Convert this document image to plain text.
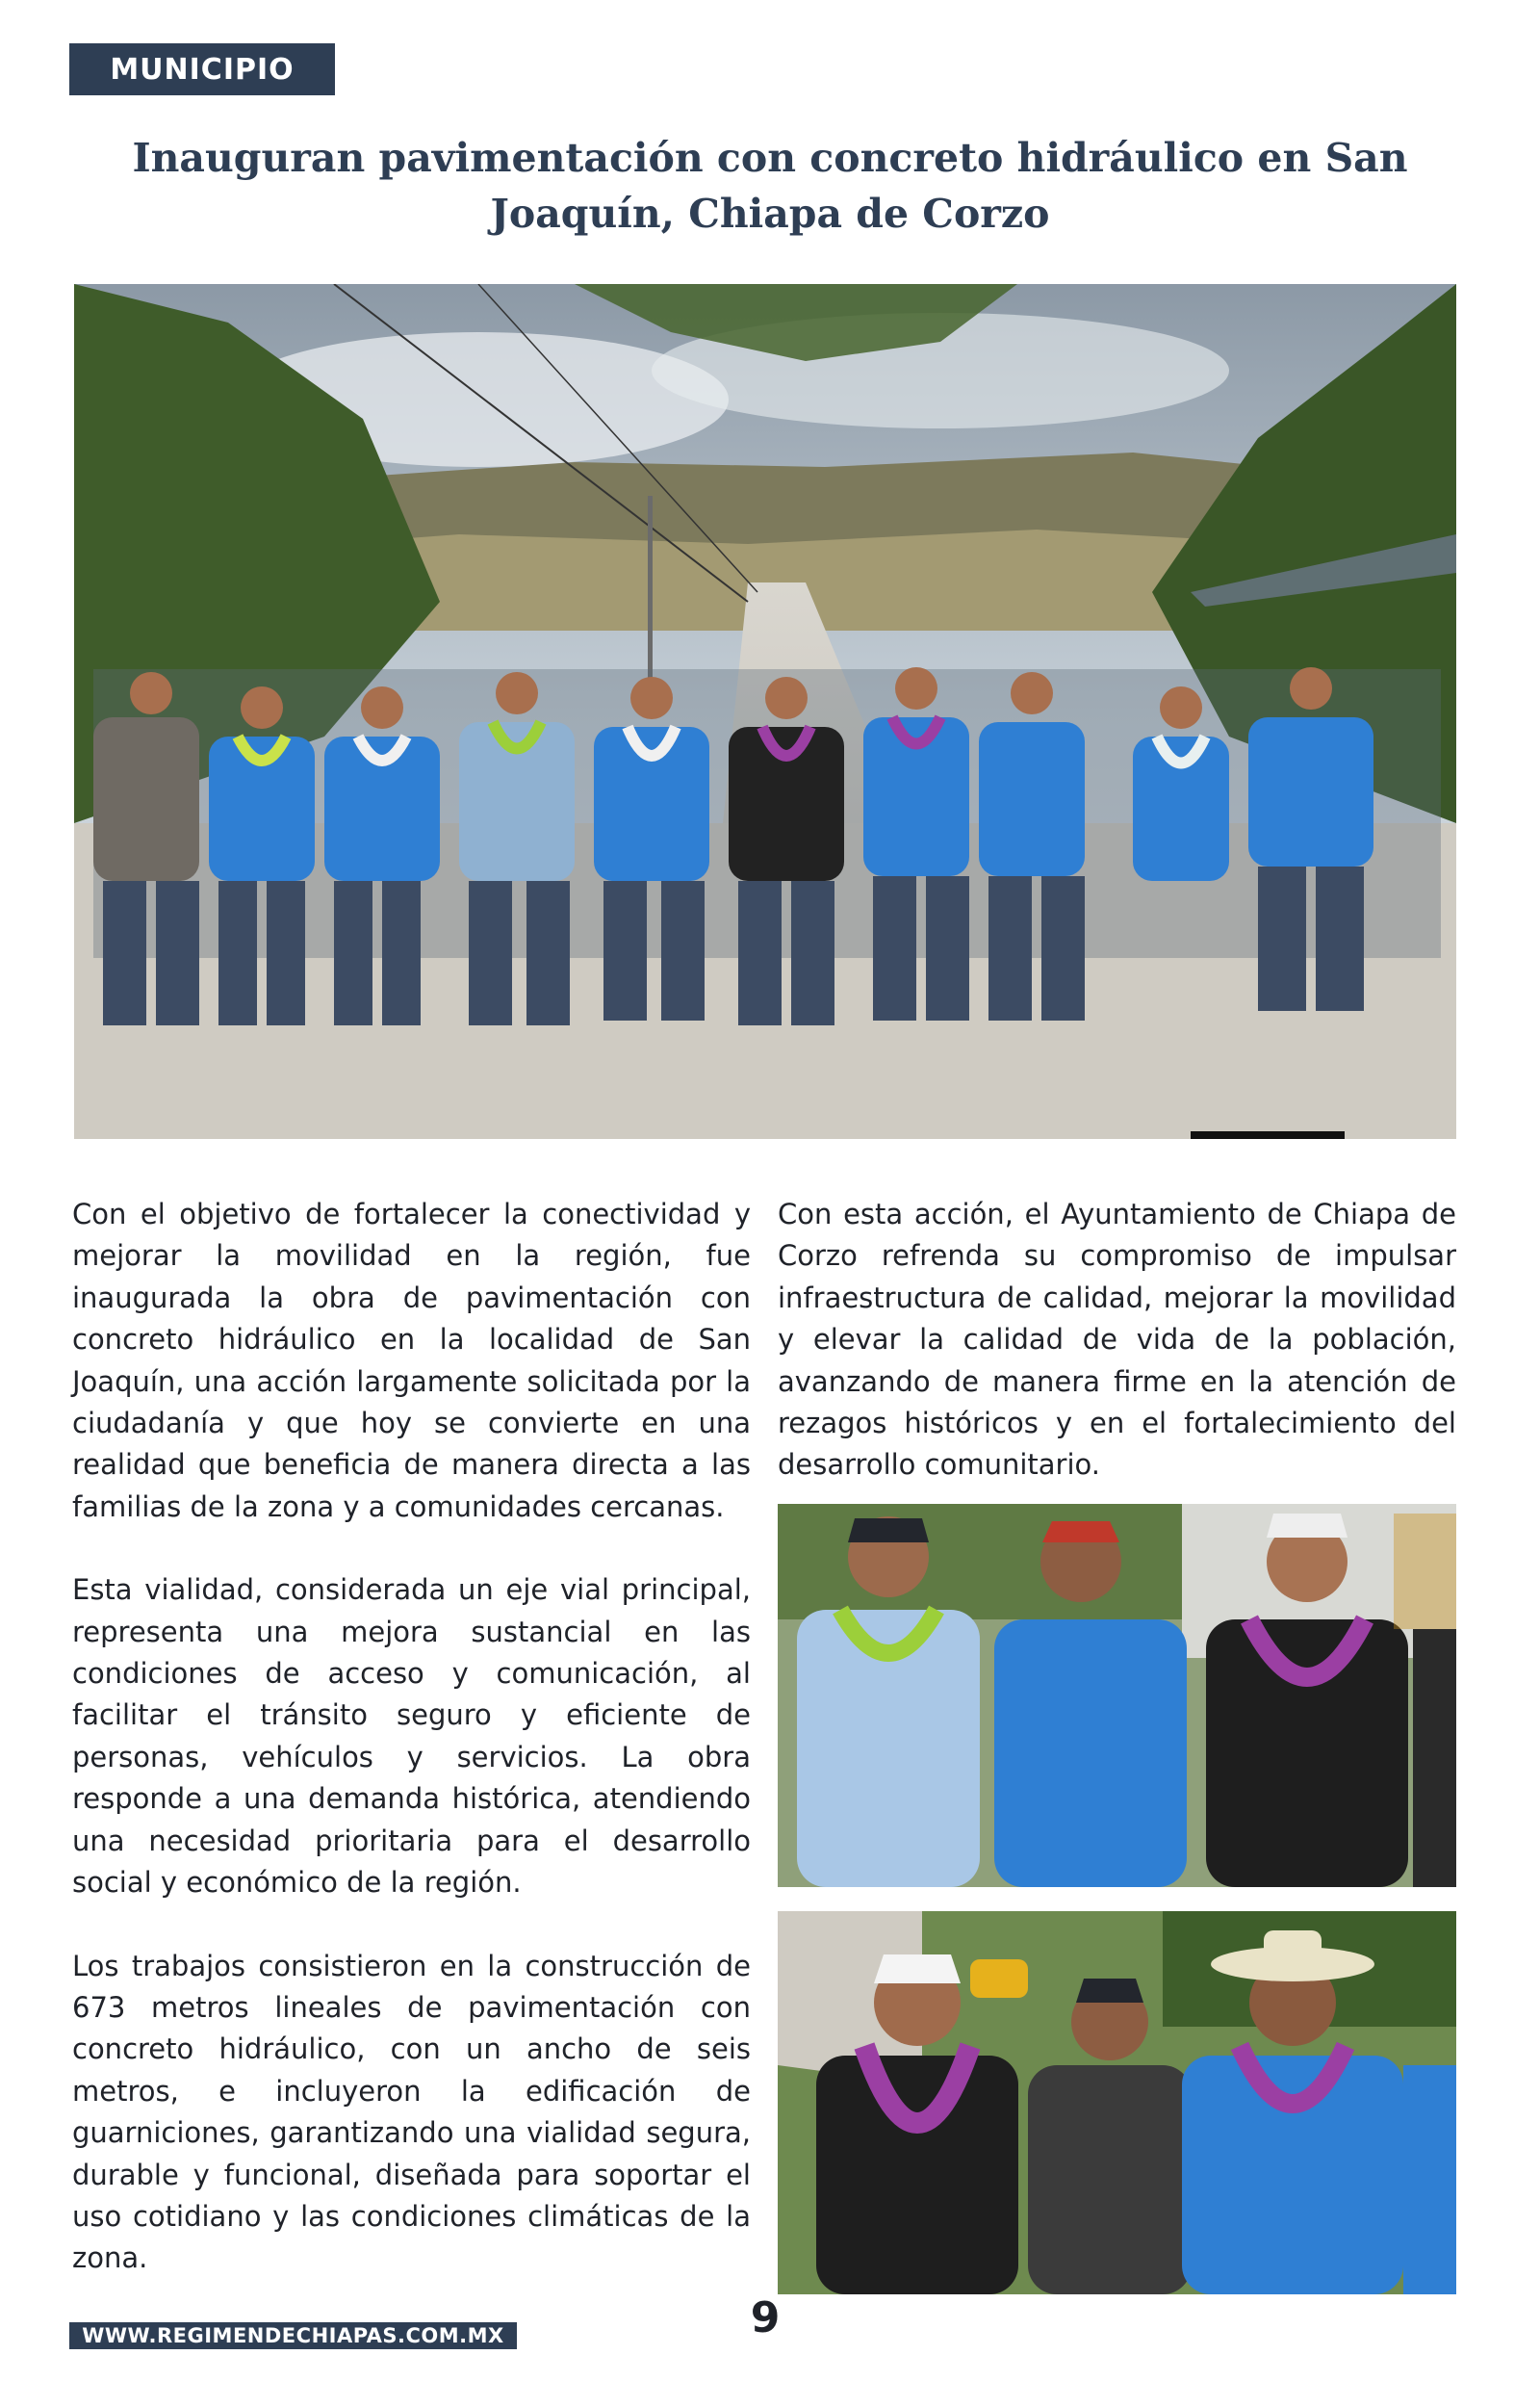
MUNICIPIO
Inauguran pavimentación con concreto hidráulico en San Joaquín, Chiapa de Corzo

Con el objetivo de fortalecer la conectividad y mejorar la movilidad en la región, fue inaugurada la obra de pavimentación con concreto hidráulico en la localidad de San Joaquín, una acción largamente solicitada por la ciudadanía y que hoy se convierte en una realidad que beneficia de manera directa a las familias de la zona y a comunidades cercanas.

Esta vialidad, considerada un eje vial principal, representa una mejora sustancial en las condiciones de acceso y comunicación, al facilitar el tránsito seguro y eficiente de personas, vehículos y servicios. La obra responde a una demanda histórica, atendiendo una necesidad prioritaria para el desarrollo social y económico de la región.

Los trabajos consistieron en la construcción de 673 metros lineales de pavimentación con concreto hidráulico, con un ancho de seis metros, e incluyeron la edificación de guarniciones, garantizando una vialidad segura, durable y funcional, diseñada para soportar el uso cotidiano y las condiciones climáticas de la zona.

Con esta acción, el Ayuntamiento de Chiapa de Corzo refrenda su compromiso de impulsar infraestructura de calidad, mejorar la movilidad y elevar la calidad de vida de la población, avanzando de manera firme en la atención de rezagos históricos y en el fortalecimiento del desarrollo comunitario.

WWW.REGIMENDECHIAPAS.COM.MX	9
